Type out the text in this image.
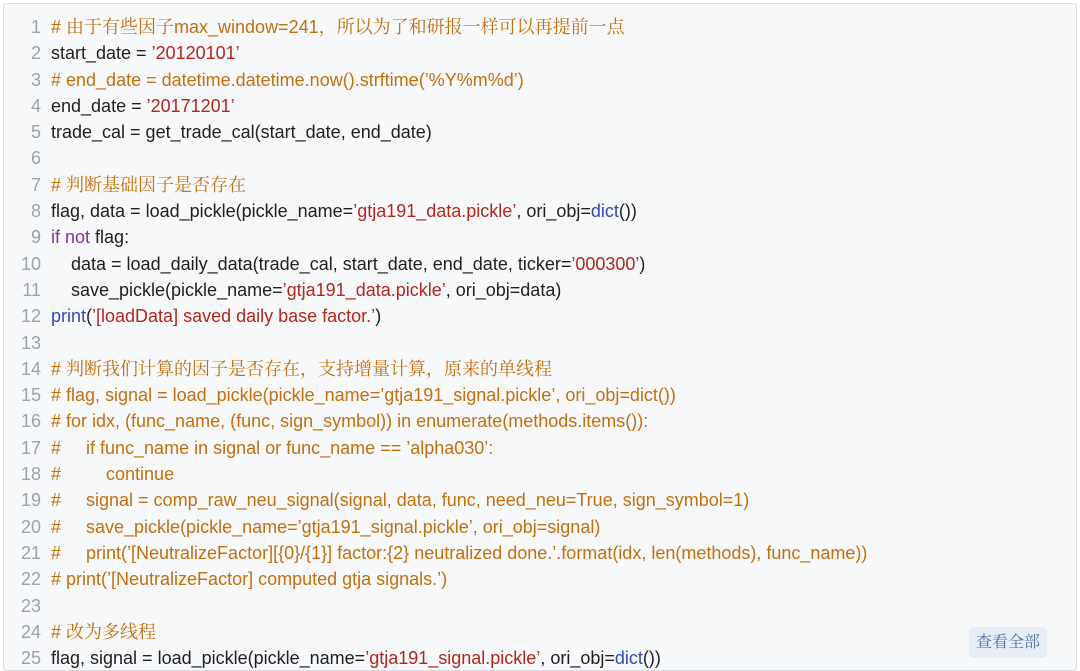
1 # 由于有些因子max_window=241，所以为了和研报一样可以再提前一点
2 start_date = ’20120101’
3 # end_date = datetime.datetime.now().strftime(’%Y%m%d’)
4 end_date = ’20171201’
5 trade_cal = get_trade_cal(start_date, end_date)
6
7 # 判断基础因子是否存在
8 flag, data = load_pickle(pickle_name=’gtja191_data.pickle’, ori_obj=dict())
9 if not flag:
10 data = load_daily_data(trade_cal, start_date, end_date, ticker=’000300’)
11 save_pickle(pickle_name=’gtja191_data.pickle’, ori_obj=data)
12 print(’[loadData] saved daily base factor.’)
13
14 # 判断我们计算的因子是否存在，支持增量计算，原来的单线程
15 # flag, signal = load_pickle(pickle_name=’gtja191_signal.pickle’, ori_obj=dict())
16 # for idx, (func_name, (func, sign_symbol)) in enumerate(methods.items()):
17 #     if func_name in signal or func_name == ’alpha030’:
18 #         continue
19 #     signal = comp_raw_neu_signal(signal, data, func, need_neu=True, sign_symbol=1)
20 #     save_pickle(pickle_name=’gtja191_signal.pickle’, ori_obj=signal)
21 #     print(’[NeutralizeFactor][{0}/{1}] factor:{2} neutralized done.’.format(idx, len(methods), func_name))
22 # print(’[NeutralizeFactor] computed gtja signals.’)
23
24 # 改为多线程
25 flag, signal = load_pickle(pickle_name=’gtja191_signal.pickle’, ori_obj=dict())
查看全部
